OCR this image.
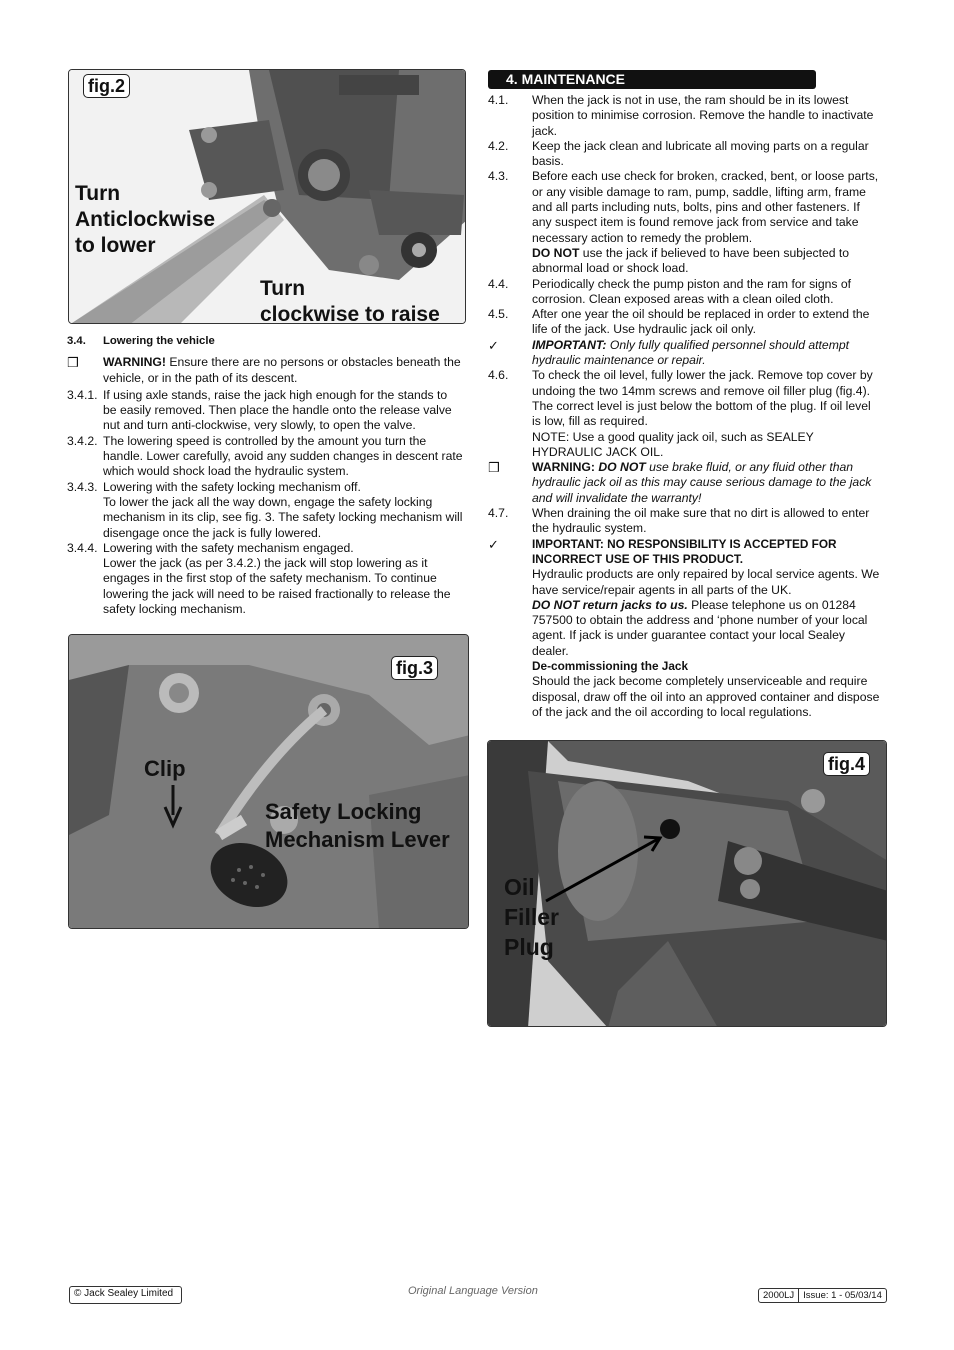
fig.2
Turn
Anticlockwise
to lower
Turn
clockwise to raise
3.4.	Lowering the vehicle
❒	WARNING! Ensure there are no persons or obstacles beneath the vehicle, or in the path of its descent.
3.4.1. If using axle stands, raise the jack high enough for the stands to be easily removed. Then place the handle onto the release valve nut and turn anti-clockwise, very slowly, to open the valve.
3.4.2. The lowering speed is controlled by the amount you turn the handle. Lower carefully, avoid any sudden changes in descent rate which would shock load the hydraulic system.
3.4.3. Lowering with the safety locking mechanism off.
To lower the jack all the way down, engage the safety locking mechanism in its clip, see fig. 3. The safety locking mechanism will disengage once the jack is fully lowered.
3.4.4. Lowering with the safety mechanism engaged.
Lower the jack (as per 3.4.2.) the jack will stop lowering as it engages in the first stop of the safety mechanism. To continue lowering the jack will need to be raised fractionally to release the safety locking mechanism.
fig.3
Clip
Safety Locking
Mechanism Lever
4. MAINTENANCE
4.1.	When the jack is not in use, the ram should be in its lowest position to minimise corrosion. Remove the handle to inactivate jack.
4.2.	Keep the jack clean and lubricate all moving parts on a regular basis.
4.3.	Before each use check for broken, cracked, bent, or loose parts, or any visible damage to ram, pump, saddle, lifting arm, frame and all parts including nuts, bolts, pins and other fasteners. If any suspect item is found remove jack from service and take necessary action to remedy the problem.
DO NOT use the jack if believed to have been subjected to abnormal load or shock load.
4.4.	Periodically check the pump piston and the ram for signs of corrosion. Clean exposed areas with a clean oiled cloth.
4.5.	After one year the oil should be replaced in order to extend the life of the jack. Use hydraulic jack oil only.
✓	IMPORTANT: Only fully qualified personnel should attempt hydraulic maintenance or repair.
4.6.	To check the oil level, fully lower the jack. Remove top cover by undoing the two 14mm screws and remove oil filler plug (fig.4). The correct level is just below the bottom of the plug. If oil level is low, fill as required.
NOTE: Use a good quality jack oil, such as SEALEY HYDRAULIC JACK OIL.
❒	WARNING: DO NOT use brake fluid, or any fluid other than hydraulic jack oil as this may cause serious damage to the jack and will invalidate the warranty!
4.7.	When draining the oil make sure that no dirt is allowed to enter the hydraulic system.
✓	IMPORTANT: NO RESPONSIBILITY IS ACCEPTED FOR INCORRECT USE OF THIS PRODUCT.
Hydraulic products are only repaired by local service agents. We have service/repair agents in all parts of the UK.
DO NOT return jacks to us. Please telephone us on 01284 757500 to obtain the address and ‘phone number of your local agent. If jack is under guarantee contact your local Sealey dealer.
De-commissioning the Jack
Should the jack become completely unserviceable and require disposal, draw off the oil into an approved container and dispose of the jack and the oil according to local regulations.
fig.4
Oil
Filler
Plug
© Jack Sealey Limited	Original Language Version	2000LJ Issue: 1 - 05/03/14
